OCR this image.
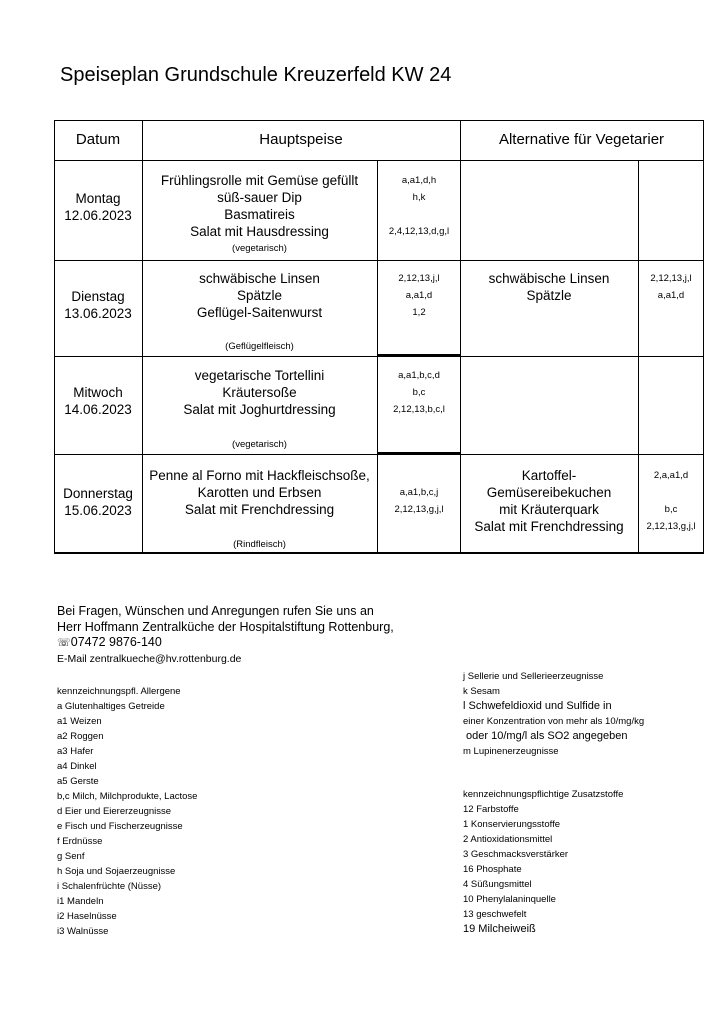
Speiseplan Grundschule Kreuzerfeld KW 24
Datum	Hauptspeise	Alternative für Vegetarier
Montag
12.06.2023
Frühlingsrolle mit Gemüse gefüllt
süß-sauer Dip
Basmatireis
Salat mit Hausdressing
a,a1,d,h
h,k

2,4,12,13,d,g,l
(vegetarisch)
Dienstag
13.06.2023
schwäbische Linsen
Spätzle
Geflügel-Saitenwurst
2,12,13,j,l
a,a1,d
1,2
(Geflügelfleisch)
schwäbische Linsen
Spätzle
2,12,13,j,l
a,a1,d
Mitwoch
14.06.2023
vegetarische Tortellini
Kräutersoße
Salat mit Joghurtdressing
a,a1,b,c,d
b,c
2,12,13,b,c,l
(vegetarisch)
Donnerstag
15.06.2023
Penne al Forno mit Hackfleischsoße,
Karotten und Erbsen
Salat mit Frenchdressing

a,a1,b,c,j
2,12,13,g,j,l
(Rindfleisch)
Kartoffel-
Gemüsereibekuchen
mit Kräuterquark
Salat mit Frenchdressing
2,a,a1,d

b,c
2,12,13,g,j,l
Bei Fragen, Wünschen und Anregungen rufen Sie uns an
Herr Hoffmann Zentralküche der Hospitalstiftung Rottenburg,
☏07472 9876-140
E-Mail zentralkueche@hv.rottenburg.de
kennzeichnungspfl. Allergene
a Glutenhaltiges Getreide
a1 Weizen
a2 Roggen
a3 Hafer
a4 Dinkel
a5 Gerste
b,c Milch, Milchprodukte, Lactose
d Eier und Eiererzeugnisse
e Fisch und Fischerzeugnisse
f Erdnüsse
g Senf
h Soja und Sojaerzeugnisse
i Schalenfrüchte (Nüsse)
i1 Mandeln
i2 Haselnüsse
i3 Walnüsse
j Sellerie und Sellerieerzeugnisse
k Sesam
l Schwefeldioxid und Sulfide in
einer Konzentration von mehr als 10/mg/kg
oder 10/mg/l als SO2 angegeben
m Lupinenerzeugnisse
kennzeichnungspflichtige Zusatzstoffe
12 Farbstoffe
1 Konservierungsstoffe
2 Antioxidationsmittel
3 Geschmacksverstärker
16 Phosphate
4 Süßungsmittel
10 Phenylalaninquelle
13 geschwefelt
19 Milcheiweiß
